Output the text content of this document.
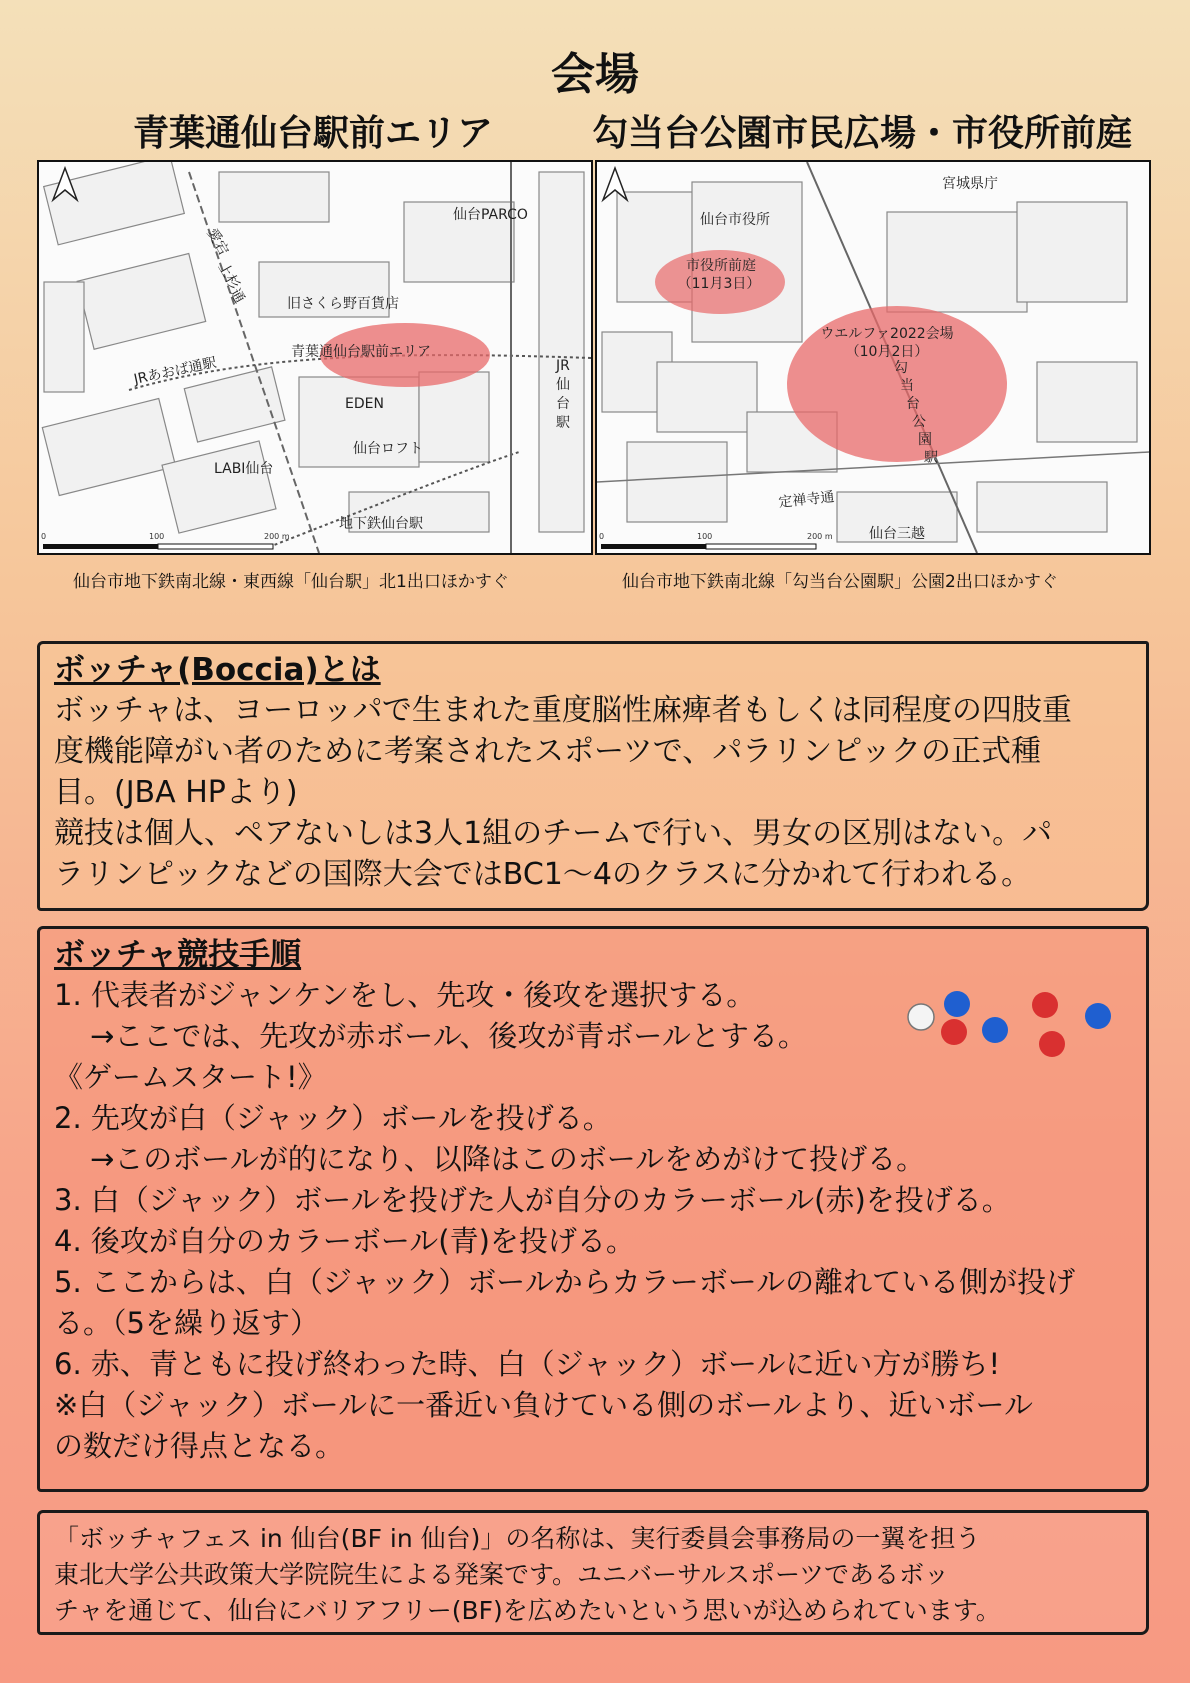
会場
青葉通仙台駅前エリア	勾当台公園市民広場・市役所前庭
仙台PARCO
愛宕
上杉
通	旧さくら野百貨店
青葉通仙台駅前エリア
JRあおば通駅
EDEN
仙台ロフト
LABI仙台
地下鉄仙台駅
JR
仙
台
駅
0	100	200 m
宮城県庁
仙台市役所
市役所前庭
（11月3日）
ウエルファ2022会場
（10月2日）
勾
当
台
公
園
駅
定禅寺通
仙台三越
0	100	200 m
仙台市地下鉄南北線・東西線「仙台駅」北1出口ほかすぐ	仙台市地下鉄南北線「勾当台公園駅」公園2出口ほかすぐ
ボッチャ(Boccia)とは

ボッチャは、ヨーロッパで生まれた重度脳性麻痺者もしくは同程度の四肢重

度機能障がい者のために考案されたスポーツで、パラリンピックの正式種

目。(JBA HPより)

競技は個人、ペアないしは3人1組のチームで行い、男女の区別はない。パ

ラリンピックなどの国際大会ではBC1～4のクラスに分かれて行われる。

ボッチャ競技手順

1. 代表者がジャンケンをし、先攻・後攻を選択する。

→ここでは、先攻が赤ボール、後攻が青ボールとする。

《ゲームスタート!》

2. 先攻が白（ジャック）ボールを投げる。

→このボールが的になり、以降はこのボールをめがけて投げる。

3. 白（ジャック）ボールを投げた人が自分のカラーボール(赤)を投げる。

4. 後攻が自分のカラーボール(青)を投げる。

5. ここからは、白（ジャック）ボールからカラーボールの離れている側が投げ

る。（5を繰り返す）

6. 赤、青ともに投げ終わった時、白（ジャック）ボールに近い方が勝ち!

※白（ジャック）ボールに一番近い負けている側のボールより、近いボール

の数だけ得点となる。

「ボッチャフェス in 仙台(BF in 仙台)」の名称は、実行委員会事務局の一翼を担う

東北大学公共政策大学院院生による発案です。ユニバーサルスポーツであるボッ

チャを通じて、仙台にバリアフリー(BF)を広めたいという思いが込められています。
